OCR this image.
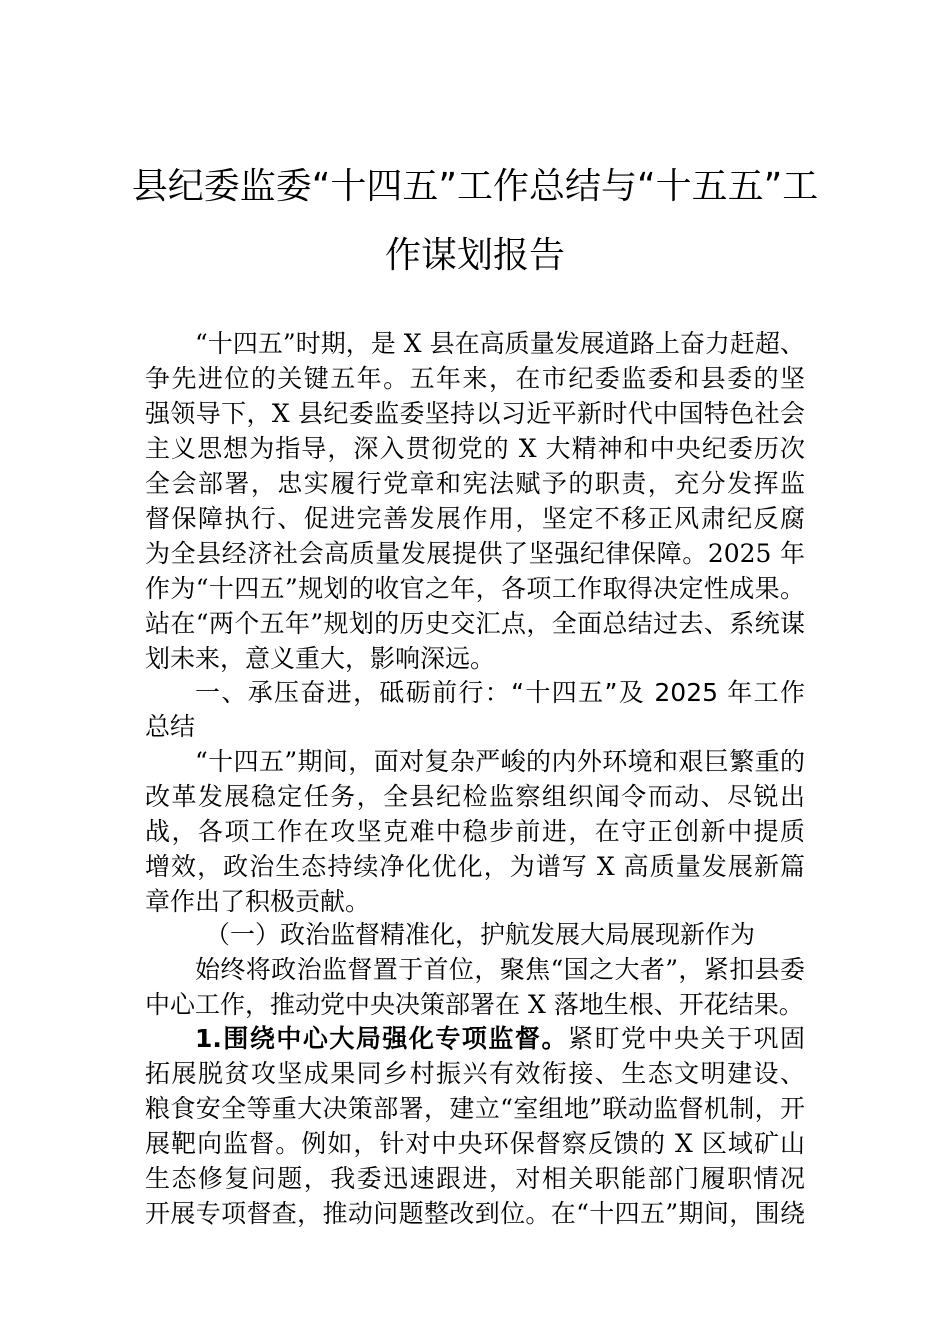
县纪委监委“十四五”工作总结与“十五五”工
作谋划报告
“十四五”时期，是 X 县在高质量发展道路上奋力赶超、
争先进位的关键五年。五年来，在市纪委监委和县委的坚
强领导下，X 县纪委监委坚持以习近平新时代中国特色社会
主义思想为指导，深入贯彻党的 X 大精神和中央纪委历次
全会部署，忠实履行党章和宪法赋予的职责，充分发挥监
督保障执行、促进完善发展作用，坚定不移正风肃纪反腐
为全县经济社会高质量发展提供了坚强纪律保障。2025 年
作为“十四五”规划的收官之年，各项工作取得决定性成果。
站在“两个五年”规划的历史交汇点，全面总结过去、系统谋
划未来，意义重大，影响深远。
一、承压奋进，砥砺前行：“十四五”及 2025 年工作
总结
“十四五”期间，面对复杂严峻的内外环境和艰巨繁重的
改革发展稳定任务，全县纪检监察组织闻令而动、尽锐出
战，各项工作在攻坚克难中稳步前进，在守正创新中提质
增效，政治生态持续净化优化，为谱写 X 高质量发展新篇
章作出了积极贡献。
（一）政治监督精准化，护航发展大局展现新作为
始终将政治监督置于首位，聚焦“国之大者”，紧扣县委
中心工作，推动党中央决策部署在 X 落地生根、开花结果。
1.围绕中心大局强化专项监督。紧盯党中央关于巩固
拓展脱贫攻坚成果同乡村振兴有效衔接、生态文明建设、
粮食安全等重大决策部署，建立“室组地”联动监督机制，开
展靶向监督。例如，针对中央环保督察反馈的 X 区域矿山
生态修复问题，我委迅速跟进，对相关职能部门履职情况
开展专项督查，推动问题整改到位。在“十四五”期间，围绕
